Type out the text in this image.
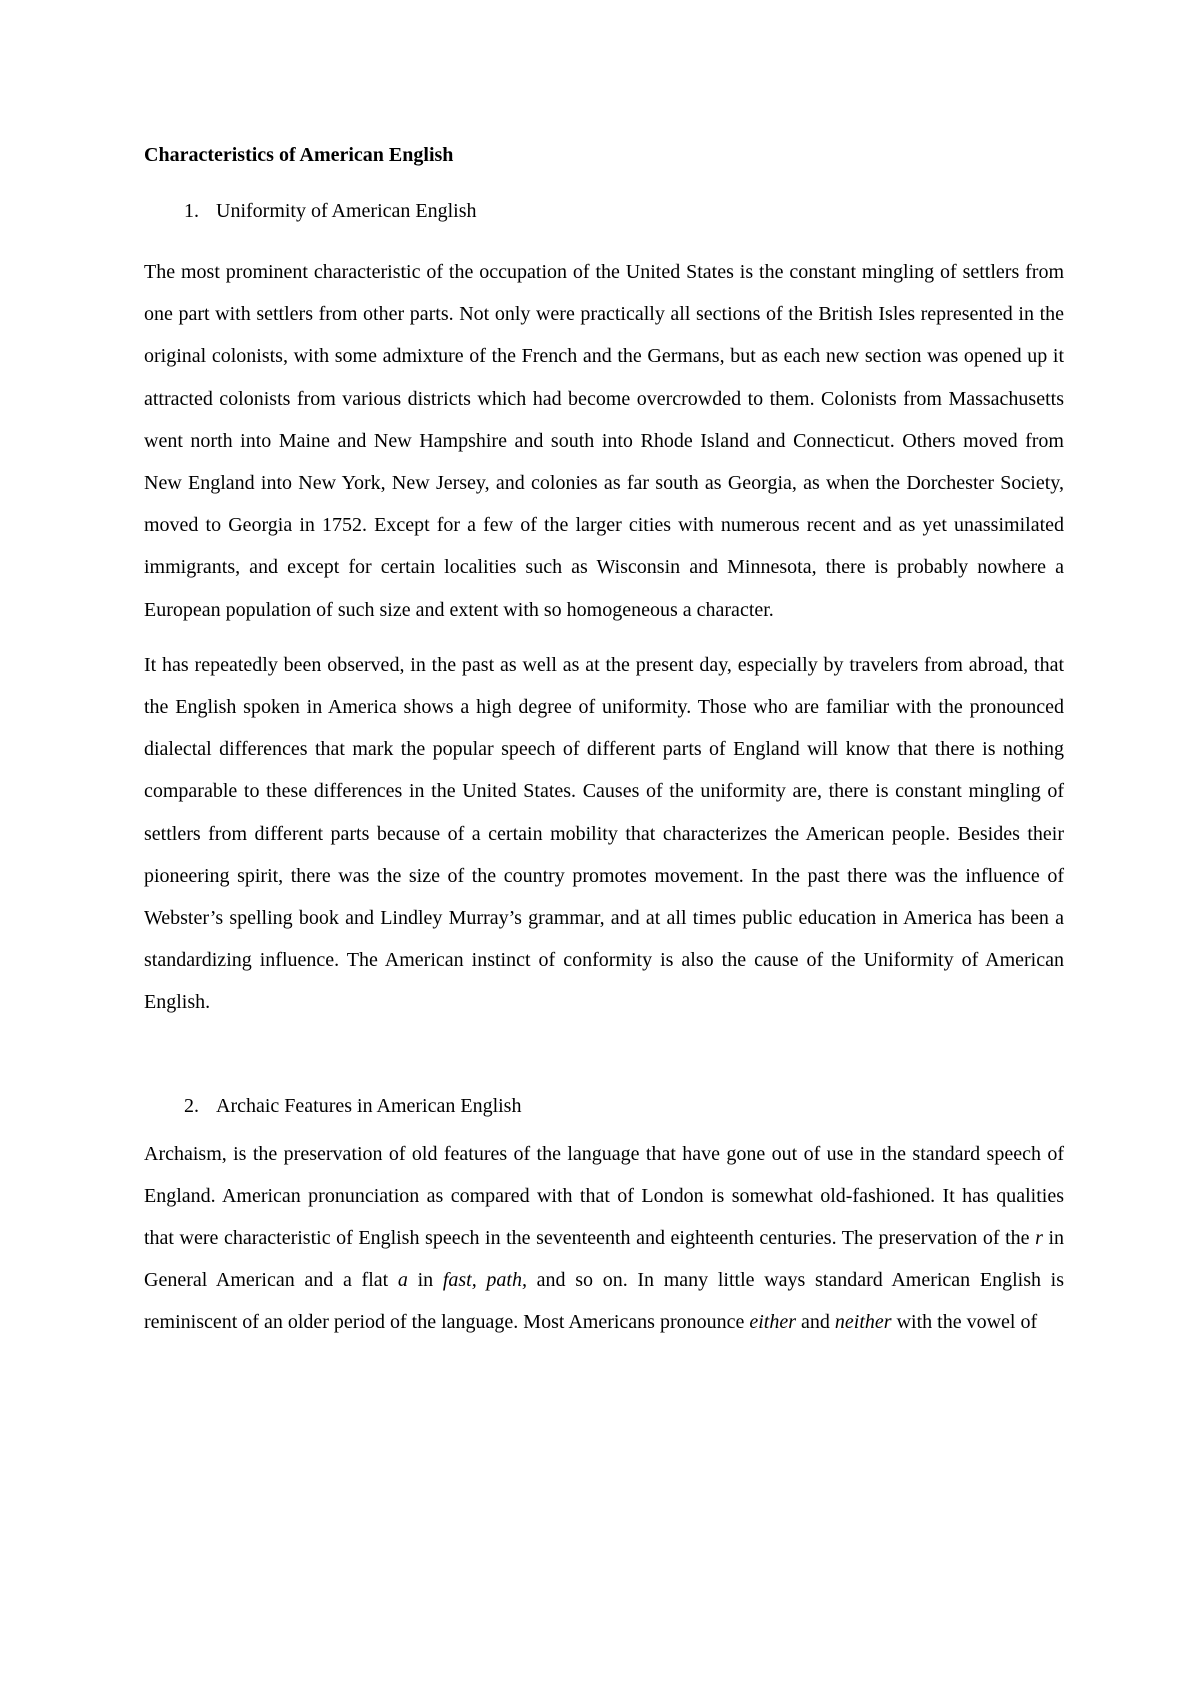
Characteristics of American English
1. Uniformity of American English

The most prominent characteristic of the occupation of the United States is the constant mingling of settlers from one part with settlers from other parts. Not only were practically all sections of the British Isles represented in the original colonists, with some admixture of the French and the Germans, but as each new section was opened up it attracted colonists from various districts which had become overcrowded to them. Colonists from Massachusetts went north into Maine and New Hampshire and south into Rhode Island and Connecticut. Others moved from New England into New York, New Jersey, and colonies as far south as Georgia, as when the Dorchester Society, moved to Georgia in 1752. Except for a few of the larger cities with numerous recent and as yet unassimilated immigrants, and except for certain localities such as Wisconsin and Minnesota, there is probably nowhere a European population of such size and extent with so homogeneous a character.

It has repeatedly been observed, in the past as well as at the present day, especially by travelers from abroad, that the English spoken in America shows a high degree of uniformity. Those who are familiar with the pronounced dialectal differences that mark the popular speech of different parts of England will know that there is nothing comparable to these differences in the United States. Causes of the uniformity are, there is constant mingling of settlers from different parts because of a certain mobility that characterizes the American people. Besides their pioneering spirit, there was the size of the country promotes movement. In the past there was the influence of Webster’s spelling book and Lindley Murray’s grammar, and at all times public education in America has been a standardizing influence. The American instinct of conformity is also the cause of the Uniformity of American English.

2. Archaic Features in American English

Archaism, is the preservation of old features of the language that have gone out of use in the standard speech of England. American pronunciation as compared with that of London is somewhat old-fashioned. It has qualities that were characteristic of English speech in the seventeenth and eighteenth centuries. The preservation of the r in General American and a flat a in fast, path, and so on. In many little ways standard American English is reminiscent of an older period of the language. Most Americans pronounce either and neither with the vowel of
